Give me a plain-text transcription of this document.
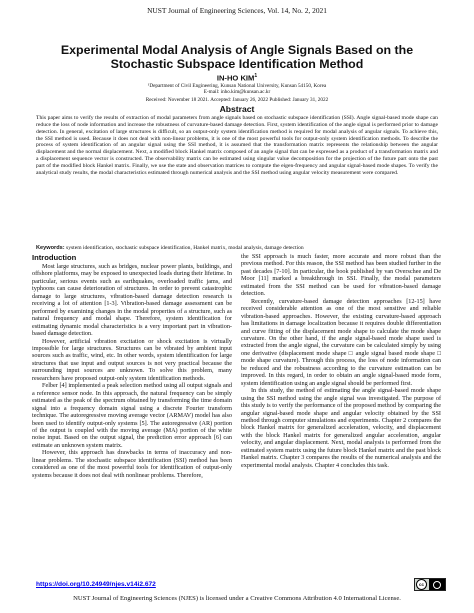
NUST Journal of Engineering Sciences, Vol. 14, No. 2, 2021
Experimental Modal Analysis of Angle Signals Based on the Stochastic Subspace Identification Method
IN-HO KIM$^1$
¹Department of Civil Engineering, Kunsan National University, Kunsan 54150, Korea
E-mail: inho.kim@kunsan.ac.kr
Received: November 18 2021. Accepted: January 26, 2022 Published: January 31, 2022
Abstract
This paper aims to verify the results of extraction of modal parameters from angle signals based on stochastic subspace identification (SSI). Angle signal-based mode shape can reduce the loss of node information and increase the robustness of curvature-based damage detection. First, system identification of the angle signal is performed prior to damage detection. In general, excitation of large structures is difficult, so an output-only system identification method is required for modal analysis of angular signals. To achieve this, the SSI method is used. Because it does not deal with non-linear problems, it is one of the most powerful tools for output-only system identification methods. To describe the process of system identification of an angular signal using the SSI method, it is assumed that the transformation matrix represents the relationship between the angular displacement and the normal displacement. Next, a modified block Hankel matrix composed of an angle signal that can be expressed as a product of a transformation matrix and a displacement sequence vector is constructed. The observability matrix can be estimated using singular value decomposition for the projection of the future part onto the past part of the modified block Hankel matrix. Finally, we use the state and observation matrices to compute the eigen-frequency and angular signal-based mode shapes. To verify the analytical study results, the modal characteristics estimated through numerical analysis and the SSI method using angular velocity measurement were compared.
Keywords: system identification, stochastic subspace identification, Hankel matrix, modal analysis, damage detection
Introduction

Most large structures, such as bridges, nuclear power plants, buildings, and offshore platforms, may be exposed to unexpected loads during their lifetime. In particular, serious events such as earthquakes, overloaded traffic jams, and typhoons can cause deterioration of structures. In order to prevent catastrophic damage to large structures, vibration-based damage detection research is receiving a lot of attention [1-3]. Vibration-based damage assessment can be performed by examining changes in the modal properties of a structure, such as natural frequency and modal shape. Therefore, system identification for estimating dynamic modal characteristics is a very important part in vibration-based damage detection.

However, artificial vibration excitation or shock excitation is virtually impossible for large structures. Structures can be vibrated by ambient input sources such as traffic, wind, etc. In other words, system identification for large structures that use input and output sources is not very practical because the surrounding input sources are unknown. To solve this problem, many researchers have proposed output-only system identification methods.

Felber [4] implemented a peak selection method using all output signals and a reference sensor node. In this approach, the natural frequency can be simply estimated as the peak of the spectrum obtained by transforming the time domain signal into a frequency domain signal using a discrete Fourier transform technique. The autoregressive moving average vector (ARMAV) model has also been used to identify output-only systems [5]. The autoregressive (AR) portion of the output is coupled with the moving average (MA) portion of the white noise input. Based on the output signal, the prediction error approach [6] can estimate an unknown system matrix.

However, this approach has drawbacks in terms of inaccuracy and non-linear problems. The stochastic subspace identification (SSI) method has been considered as one of the most powerful tools for identification of output-only systems because it does not deal with nonlinear problems. Therefore,

the SSI approach is much faster, more accurate and more robust than the previous method. For this reason, the SSI method has been studied further in the past decades [7-10]. In particular, the book published by van Overschee and De Moor [11] marked a breakthrough in SSI. Finally, the modal parameters estimated from the SSI method can be used for vibration-based damage detection.

Recently, curvature-based damage detection approaches [12-15] have received considerable attention as one of the most sensitive and reliable vibration-based approaches. However, the existing curvature-based approach has limitations in damage localization because it requires double differentiation and curve fitting of the displacement mode shape to calculate the mode shape curvature. On the other hand, if the angle signal-based mode shape used is extracted from the angle signal, the curvature can be calculated simply by using one derivative (displacement mode shape □ angle signal based mode shape □ mode shape curvature). Through this process, the loss of node information can be reduced and the robustness according to the curvature estimation can be improved. In this regard, in order to obtain an angle signal-based mode form, system identification using an angle signal should be performed first.

In this study, the method of estimating the angle signal-based mode shape using the SSI method using the angle signal was investigated. The purpose of this study is to verify the performance of the proposed method by comparing the angular signal-based mode shape and angular velocity obtained by the SSI method through computer simulations and experiments. Chapter 2 compares the block Hankel matrix for generalized acceleration, velocity, and displacement with the block Hankel matrix for generalized angular acceleration, angular velocity, and angular displacement. Next, modal analysis is performed from the estimated system matrix using the future block Hankel matrix and the past block Hankel matrix. Chapter 3 compares the results of the numerical analysis and the experimental modal analysis. Chapter 4 concludes this task.

https://doi.org/10.24949/njes.v14i2.672	cc
NUST Journal of Engineering Sciences (NJES) is licensed under a Creative Commons Attribution 4.0 International License.
